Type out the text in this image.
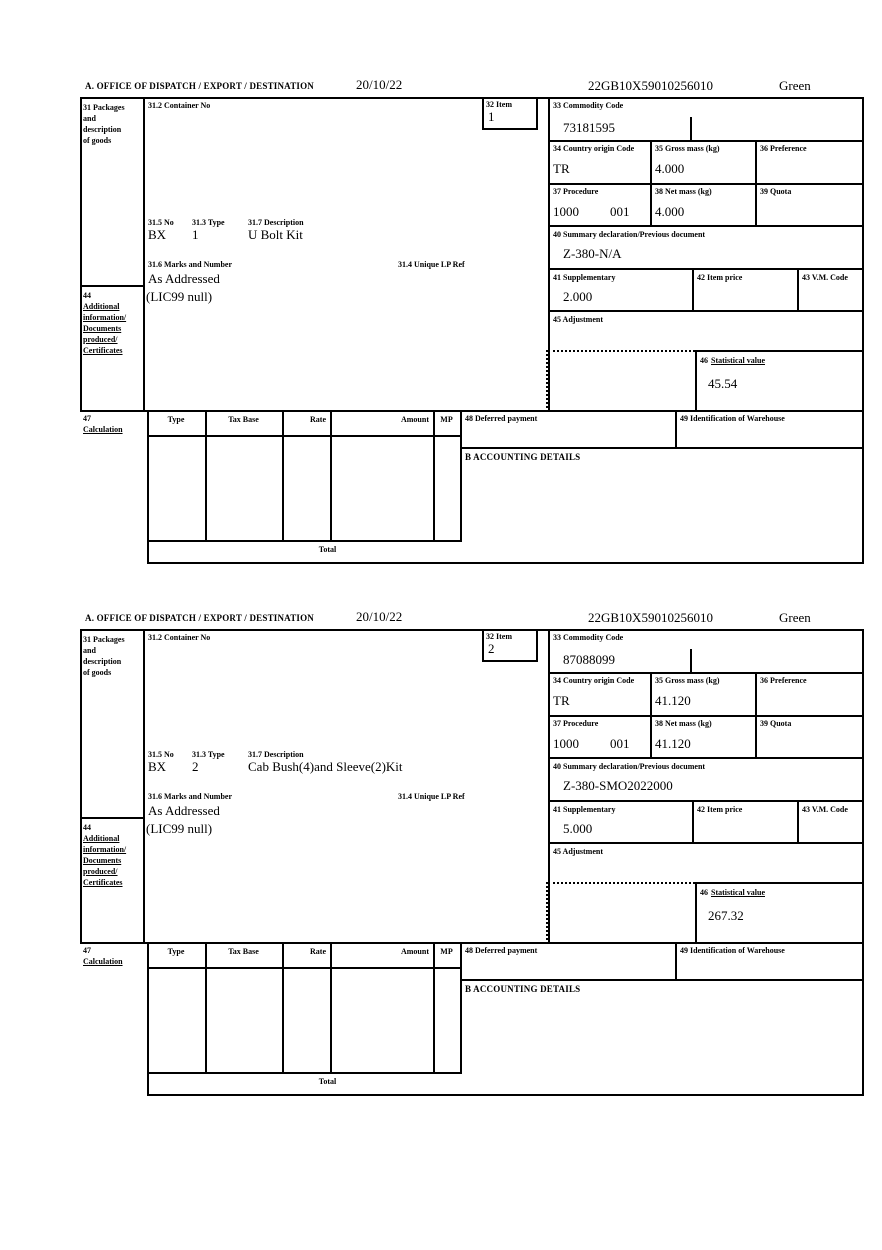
A. OFFICE OF DISPATCH / EXPORT / DESTINATION	20/10/22	22GB10X59010256010	Green
31 Packages
and
description
of goods
44
Additional
information/
Documents
produced/
Certificates
47
Calculation
31.2 Container No	32 Item
1
31.5 No 31.3 Type	31.7 Description
BX 1	U Bolt Kit
31.6 Marks and Number	31.4 Unique LP Ref
As Addressed
(LIC99 null)
33 Commodity Code
73181595
34 Country origin Code
TR
35 Gross mass (kg)
4.000
36 Preference
37 Procedure
1000 001
38 Net mass (kg)
4.000
39 Quota
40 Summary declaration/Previous document
Z-380-N/A
41 Supplementary
2.000
42 Item price	43 V.M. Code
45 Adjustment
46 Statistical value
45.54
Type	Tax Base	Rate	Amount	MP	48 Deferred payment	49 Identification of Warehouse
B ACCOUNTING DETAILS
Total
A. OFFICE OF DISPATCH / EXPORT / DESTINATION	20/10/22	22GB10X59010256010	Green
31 Packages
and
description
of goods
44
Additional
information/
Documents
produced/
Certificates
47
Calculation
31.2 Container No	32 Item
2
31.5 No 31.3 Type	31.7 Description
BX 2	Cab Bush(4)and Sleeve(2)Kit
31.6 Marks and Number	31.4 Unique LP Ref
As Addressed
(LIC99 null)
33 Commodity Code
87088099
34 Country origin Code
TR
35 Gross mass (kg)
41.120
36 Preference
37 Procedure
1000 001
38 Net mass (kg)
41.120
39 Quota
40 Summary declaration/Previous document
Z-380-SMO2022000
41 Supplementary
5.000
42 Item price	43 V.M. Code
45 Adjustment
46 Statistical value
267.32
Type	Tax Base	Rate	Amount	MP	48 Deferred payment	49 Identification of Warehouse
B ACCOUNTING DETAILS
Total
